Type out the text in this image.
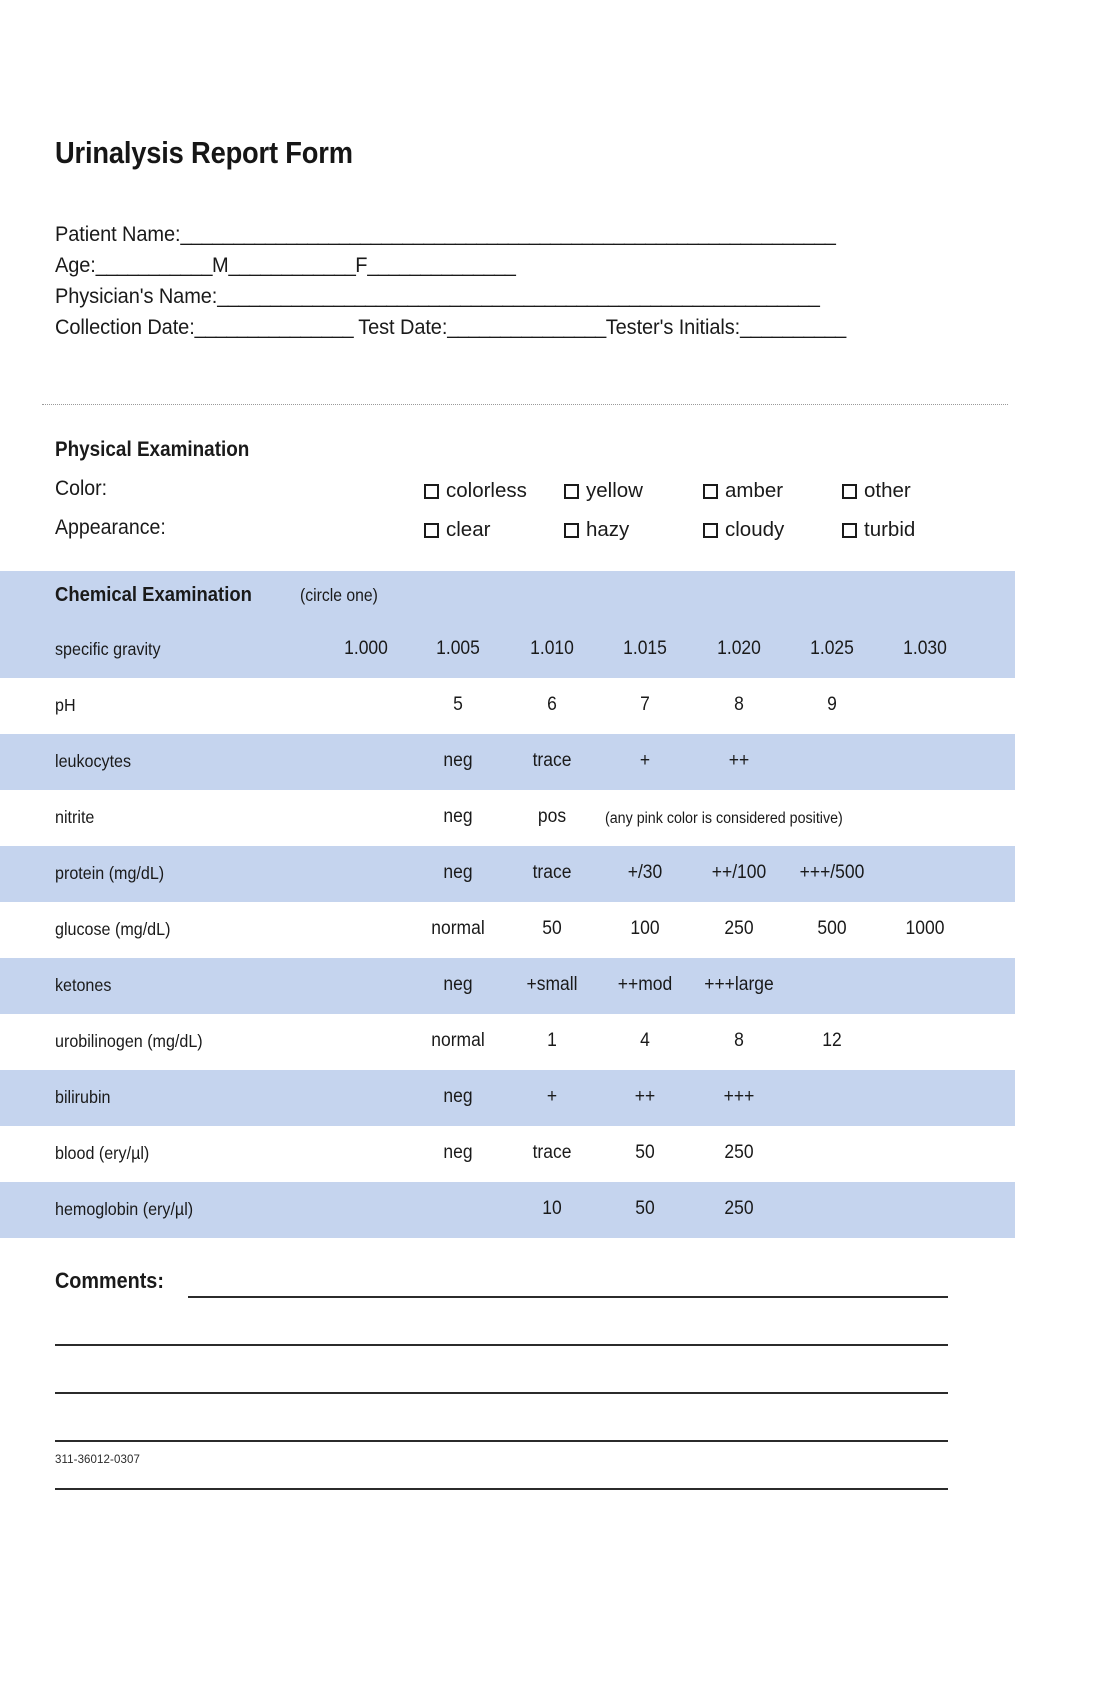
Urinalysis Report Form
Patient Name:______________________________________________________________
Age:___________M____________F______________
Physician's Name:_________________________________________________________
Collection Date:_______________ Test Date:_______________Tester's Initials:__________
Physical Examination
Color:	colorless	yellow	amber	other
Appearance:	clear	hazy	cloudy	turbid
Chemical Examination	(circle one)
specific gravity	1.000	1.005	1.010	1.015	1.020	1.025	1.030
pH	5	6	7	8	9
leukocytes	neg	trace	+	++
nitrite	neg	pos	(any pink color is considered positive)
protein (mg/dL)	neg	trace	+/30	++/100	+++/500
glucose (mg/dL)	normal	50	100	250	500	1000
ketones	neg	+small	++mod	+++large
urobilinogen (mg/dL)	normal	1	4	8	12
bilirubin	neg	+	++	+++
blood (ery/µl)	neg	trace	50	250
hemoglobin (ery/µl)	10	50	250
Comments:
311-36012-0307
